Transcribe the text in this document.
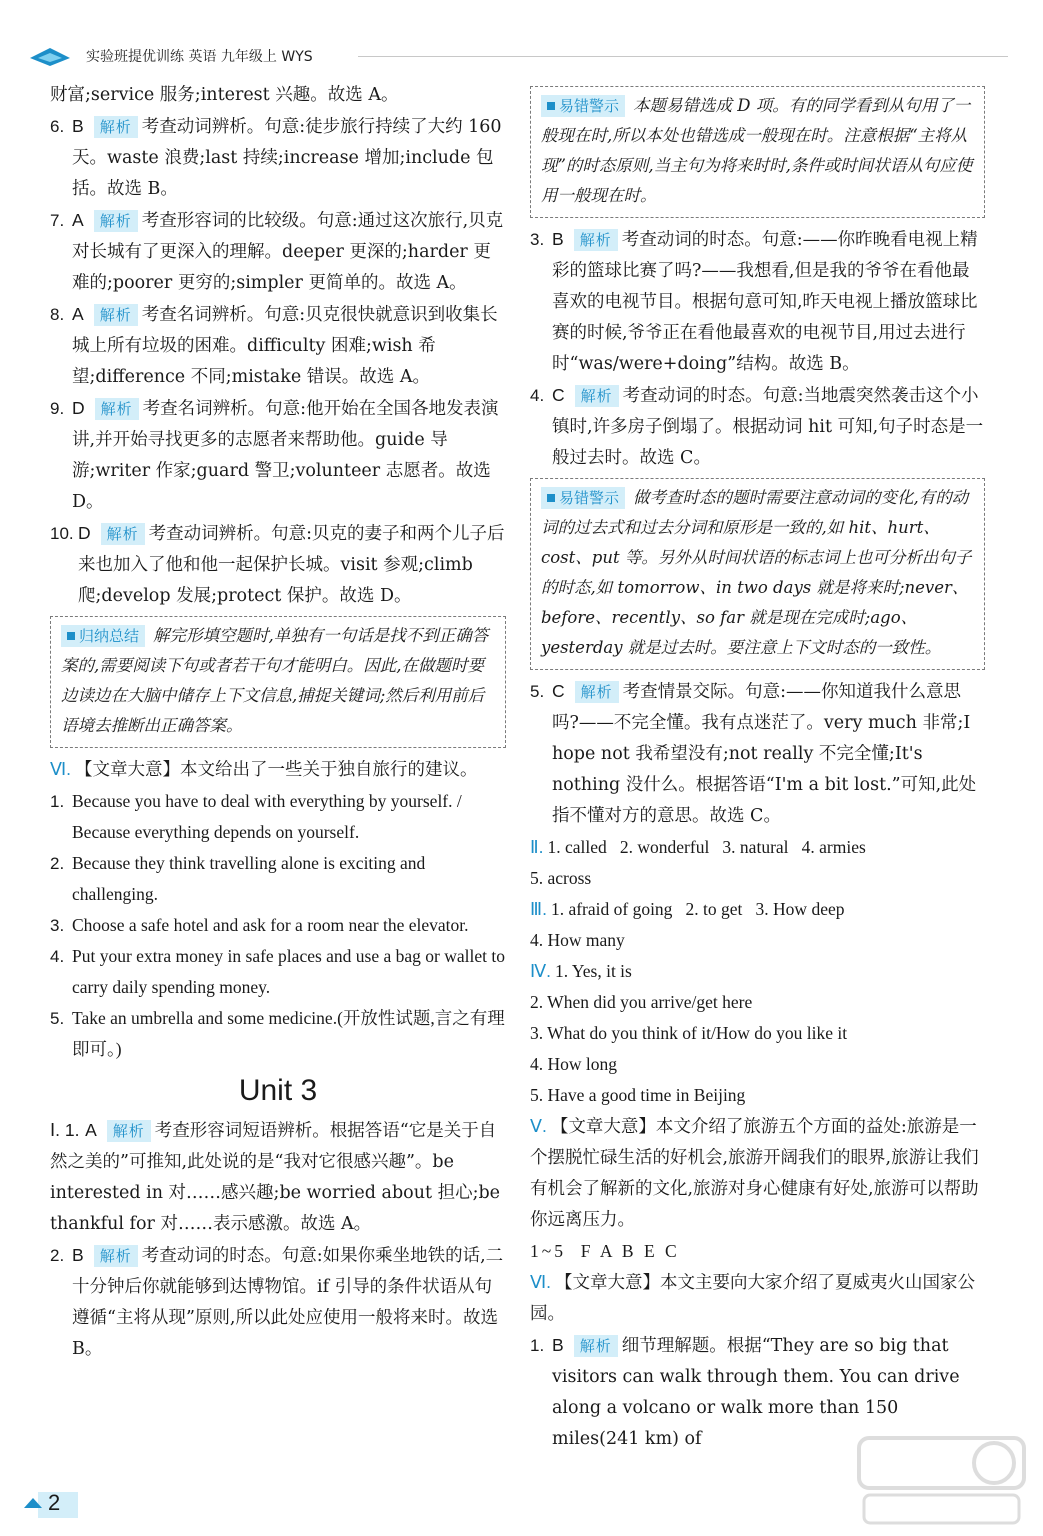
实验班提优训练 英语 九年级上 WYS

财富;service 服务;interest 兴趣。故选 A。

6. B 解析 考查动词辨析。句意:徒步旅行持续了大约 160 天。waste 浪费;last 持续;increase 增加;include 包括。故选 B。

7. A 解析 考查形容词的比较级。句意:通过这次旅行,贝克对长城有了更深入的理解。deeper 更深的;harder 更难的;poorer 更穷的;simpler 更简单的。故选 A。

8. A 解析 考查名词辨析。句意:贝克很快就意识到收集长城上所有垃圾的困难。difficulty 困难;wish 希望;difference 不同;mistake 错误。故选 A。

9. D 解析 考查名词辨析。句意:他开始在全国各地发表演讲,并开始寻找更多的志愿者来帮助他。guide 导游;writer 作家;guard 警卫;volunteer 志愿者。故选 D。

10. D 解析 考查动词辨析。句意:贝克的妻子和两个儿子后来也加入了他和他一起保护长城。visit 参观;climb 爬;develop 发展;protect 保护。故选 D。

归纳总结 解完形填空题时,单独有一句话是找不到正确答案的,需要阅读下句或者若干句才能明白。因此,在做题时要边读边在大脑中储存上下文信息,捕捉关键词;然后利用前后语境去推断出正确答案。

Ⅵ. 【文章大意】本文给出了一些关于独自旅行的建议。

1. Because you have to deal with everything by yourself. / Because everything depends on yourself.

2. Because they think travelling alone is exciting and challenging.

3. Choose a safe hotel and ask for a room near the elevator.

4. Put your extra money in safe places and use a bag or wallet to carry daily spending money.

5. Take an umbrella and some medicine.(开放性试题,言之有理即可。)

Unit 3

Ⅰ. 1. A 解析 考查形容词短语辨析。根据答语“它是关于自然之美的”可推知,此处说的是“我对它很感兴趣”。be interested in 对……感兴趣;be worried about 担心;be thankful for 对……表示感激。故选 A。

2. B 解析 考查动词的时态。句意:如果你乘坐地铁的话,二十分钟后你就能够到达博物馆。if 引导的条件状语从句遵循“主将从现”原则,所以此处应使用一般将来时。故选 B。

易错警示 本题易错选成 D 项。有的同学看到从句用了一般现在时,所以本处也错选成一般现在时。注意根据“主将从现”的时态原则,当主句为将来时时,条件或时间状语从句应使用一般现在时。

3. B 解析 考查动词的时态。句意:——你昨晚看电视上精彩的篮球比赛了吗?——我想看,但是我的爷爷在看他最喜欢的电视节目。根据句意可知,昨天电视上播放篮球比赛的时候,爷爷正在看他最喜欢的电视节目,用过去进行时“was/were+doing”结构。故选 B。

4. C 解析 考查动词的时态。句意:当地震突然袭击这个小镇时,许多房子倒塌了。根据动词 hit 可知,句子时态是一般过去时。故选 C。

易错警示 做考查时态的题时需要注意动词的变化,有的动词的过去式和过去分词和原形是一致的,如 hit、hurt、cost、put 等。另外从时间状语的标志词上也可分析出句子的时态,如 tomorrow、in two days 就是将来时;never、before、recently、so far 就是现在完成时;ago、yesterday 就是过去时。要注意上下文时态的一致性。

5. C 解析 考查情景交际。句意:——你知道我什么意思吗?——不完全懂。我有点迷茫了。very much 非常;I hope not 我希望没有;not really 不完全懂;It's nothing 没什么。根据答语“I'm a bit lost.”可知,此处指不懂对方的意思。故选 C。

Ⅱ. 1. called   2. wonderful   3. natural   4. armies

5. across

Ⅲ. 1. afraid of going   2. to get   3. How deep

4. How many

Ⅳ. 1. Yes, it is

2. When did you arrive/get here

3. What do you think of it/How do you like it

4. How long

5. Have a good time in Beijing

Ⅴ. 【文章大意】本文介绍了旅游五个方面的益处:旅游是一个摆脱忙碌生活的好机会,旅游开阔我们的眼界,旅游让我们有机会了解新的文化,旅游对身心健康有好处,旅游可以帮助你远离压力。

1~5  F A B E C

Ⅵ. 【文章大意】本文主要向大家介绍了夏威夷火山国家公园。

1. B 解析 细节理解题。根据“They are so big that visitors can walk through them. You can drive along a volcano or walk more than 150 miles(241 km) of

2
